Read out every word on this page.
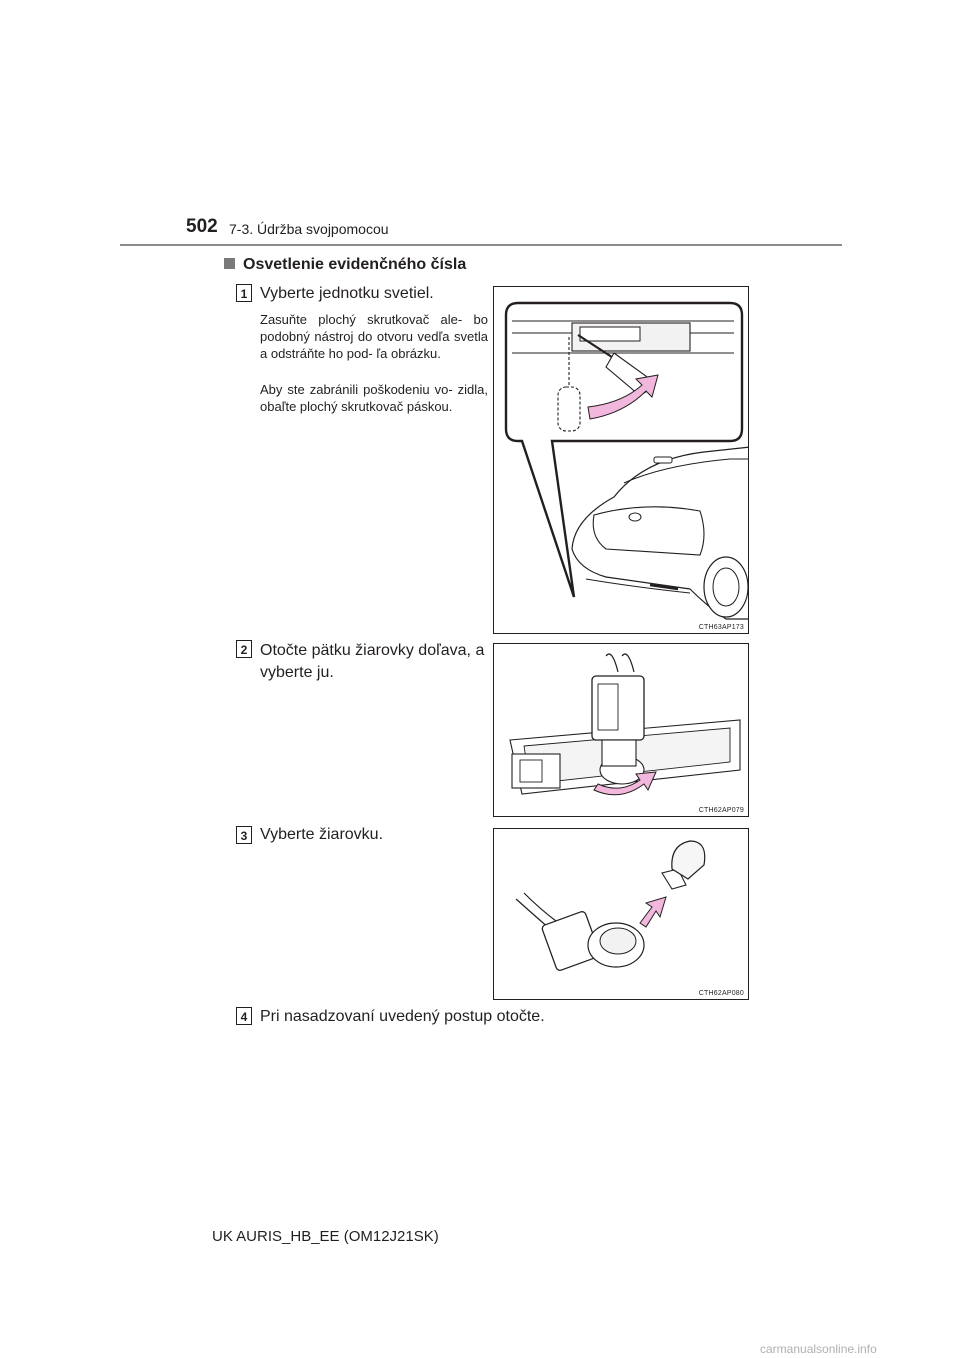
502 7-3. Údržba svojpomocou
Osvetlenie evidenčného čísla
1 Vyberte jednotku svetiel.
Zasuňte plochý skrutkovač ale- bo podobný nástroj do otvoru vedľa svetla a odstráňte ho pod- ľa obrázku.
Aby ste zabránili poškodeniu vo- zidla, obaľte plochý skrutkovač páskou.
CTH63AP173
2 Otočte pätku žiarovky doľava, a vyberte ju.
CTH62AP079
3 Vyberte žiarovku.
CTH62AP080
4 Pri nasadzovaní uvedený postup otočte.
UK AURIS_HB_EE (OM12J21SK)
carmanualsonline.info
